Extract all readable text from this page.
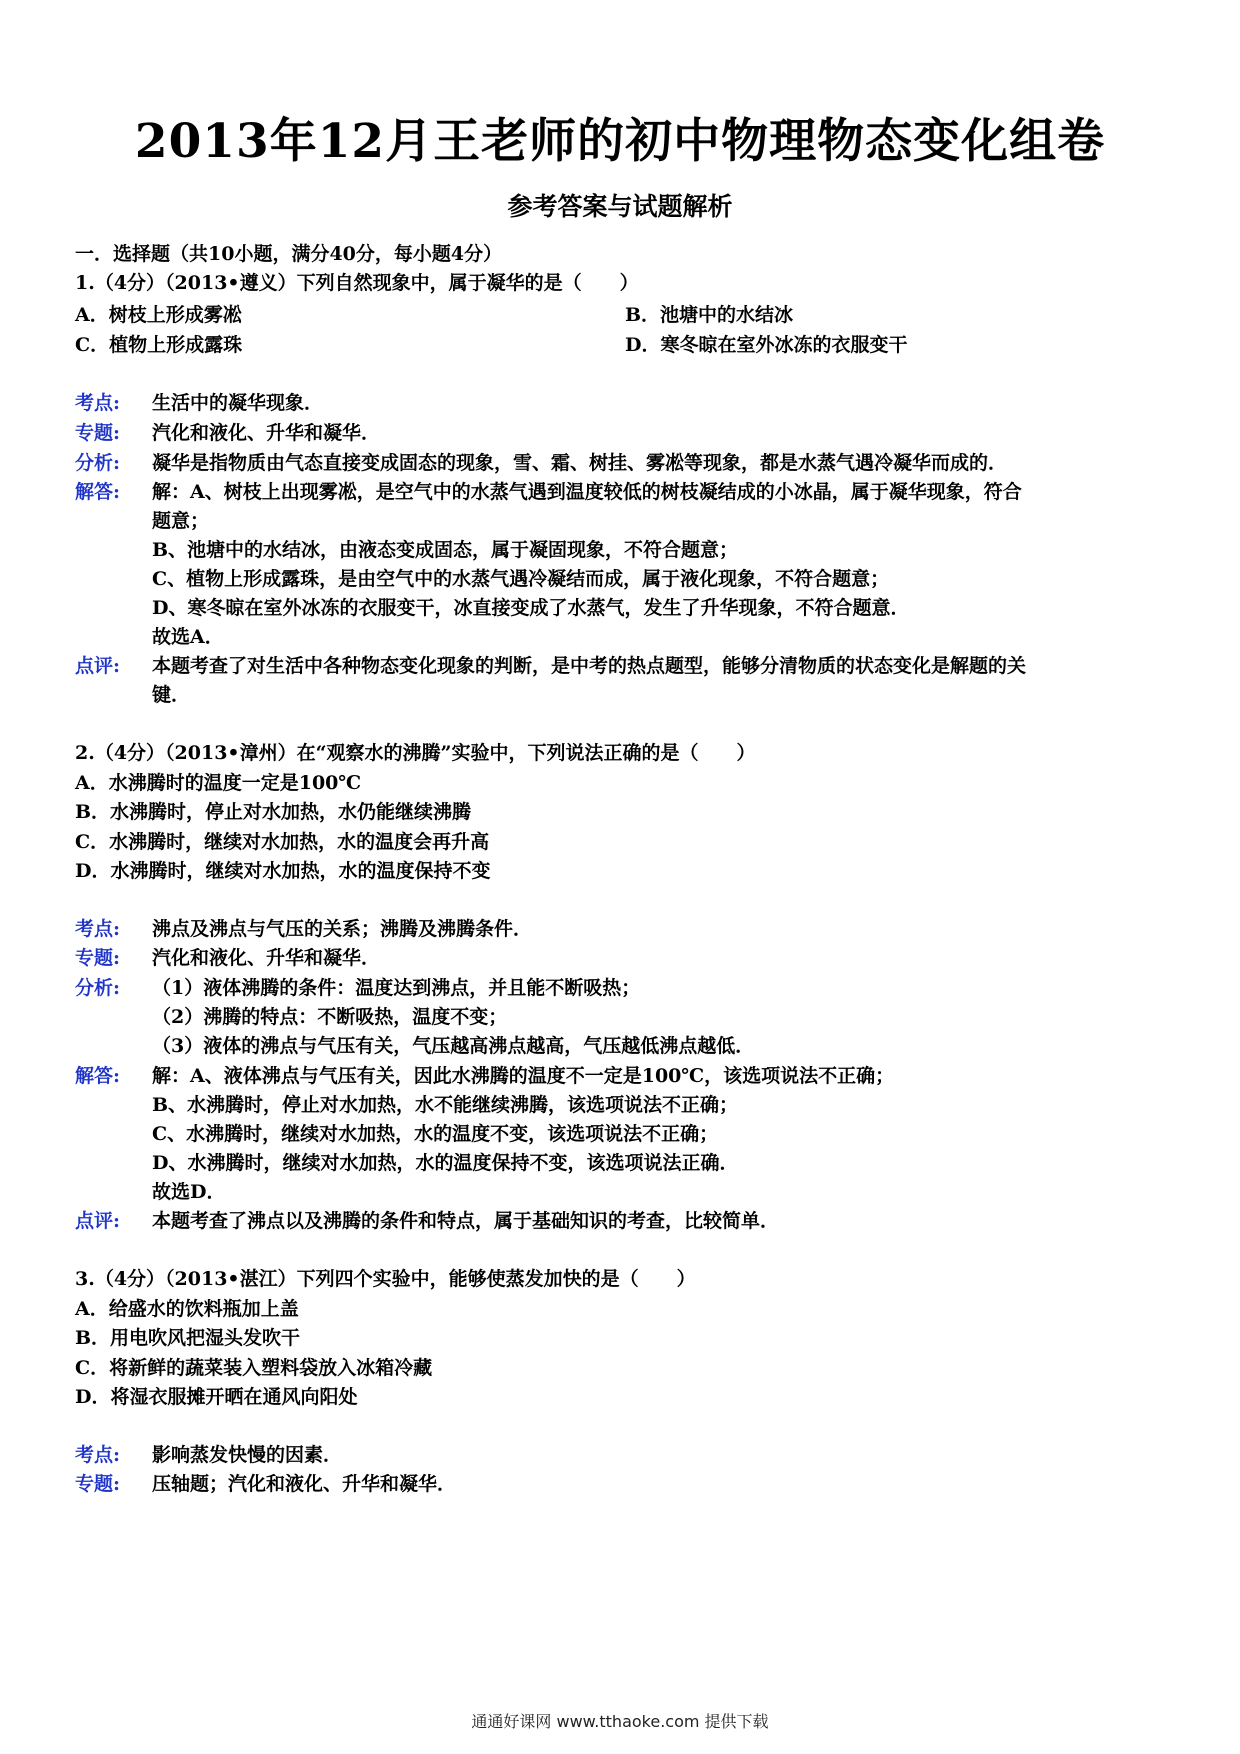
2013年12月王老师的初中物理物态变化组卷
参考答案与试题解析
一．选择题（共10小题，满分40分，每小题4分）
1.（4分）（2013•遵义）下列自然现象中，属于凝华的是（　　）
A．树枝上形成雾凇	B．池塘中的水结冰
C．植物上形成露珠	D．寒冬晾在室外冰冻的衣服变干
考点: 生活中的凝华现象．
专题: 汽化和液化、升华和凝华．
分析: 凝华是指物质由气态直接变成固态的现象，雪、霜、树挂、雾凇等现象，都是水蒸气遇冷凝华而成的．
解答: 解：A、树枝上出现雾凇，是空气中的水蒸气遇到温度较低的树枝凝结成的小冰晶，属于凝华现象，符合
题意；
B、池塘中的水结冰，由液态变成固态，属于凝固现象，不符合题意；
C、植物上形成露珠，是由空气中的水蒸气遇冷凝结而成，属于液化现象，不符合题意；
D、寒冬晾在室外冰冻的衣服变干，冰直接变成了水蒸气，发生了升华现象，不符合题意．
故选A．
点评: 本题考查了对生活中各种物态变化现象的判断，是中考的热点题型，能够分清物质的状态变化是解题的关
键．
2.（4分）（2013•漳州）在“观察水的沸腾”实验中，下列说法正确的是（　　）
A．水沸腾时的温度一定是100℃
B．水沸腾时，停止对水加热，水仍能继续沸腾
C．水沸腾时，继续对水加热，水的温度会再升高
D．水沸腾时，继续对水加热，水的温度保持不变
考点: 沸点及沸点与气压的关系；沸腾及沸腾条件．
专题: 汽化和液化、升华和凝华．
分析: （1）液体沸腾的条件：温度达到沸点，并且能不断吸热；
（2）沸腾的特点：不断吸热，温度不变；
（3）液体的沸点与气压有关，气压越高沸点越高，气压越低沸点越低．
解答: 解：A、液体沸点与气压有关，因此水沸腾的温度不一定是100℃，该选项说法不正确；
B、水沸腾时，停止对水加热，水不能继续沸腾，该选项说法不正确；
C、水沸腾时，继续对水加热，水的温度不变，该选项说法不正确；
D、水沸腾时，继续对水加热，水的温度保持不变，该选项说法正确．
故选D．
点评: 本题考查了沸点以及沸腾的条件和特点，属于基础知识的考查，比较简单．
3.（4分）（2013•湛江）下列四个实验中，能够使蒸发加快的是（　　）
A．给盛水的饮料瓶加上盖
B．用电吹风把湿头发吹干
C．将新鲜的蔬菜装入塑料袋放入冰箱冷藏
D．将湿衣服摊开晒在通风向阳处
考点: 影响蒸发快慢的因素．
专题: 压轴题；汽化和液化、升华和凝华．
通通好课网 www.tthaoke.com 提供下载
